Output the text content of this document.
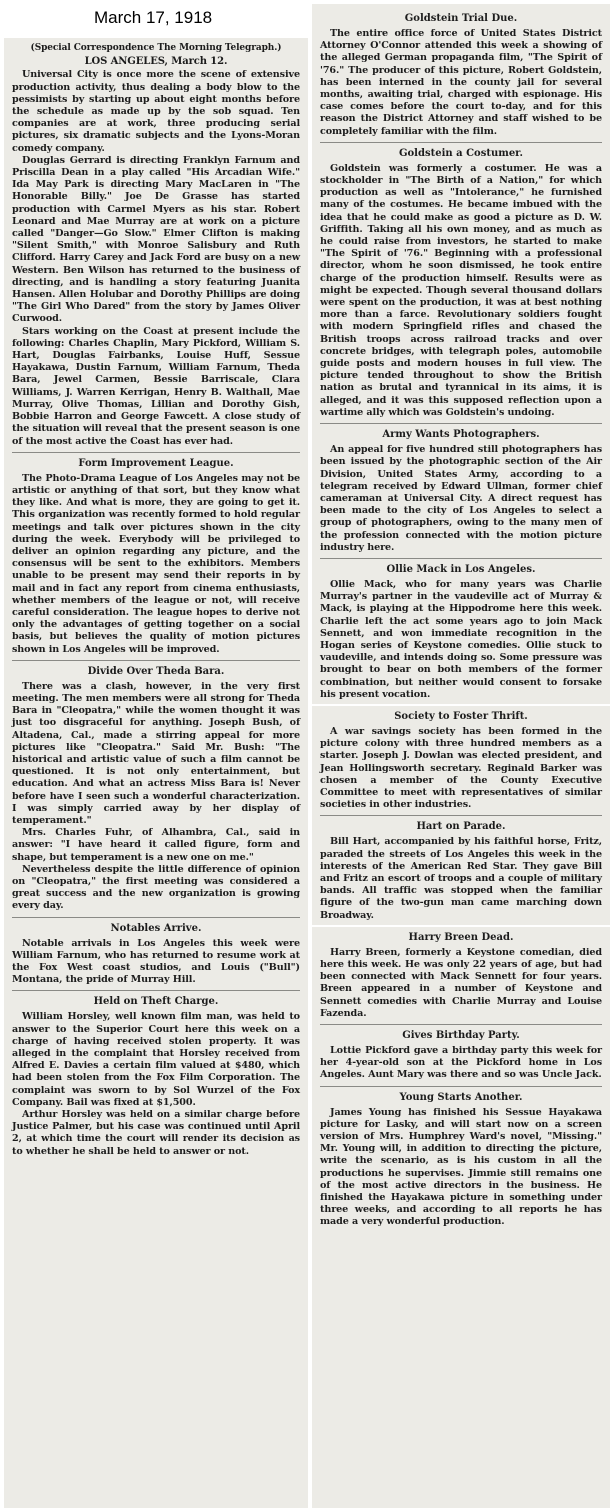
March 17, 1918

(Special Correspondence The Morning Telegraph.)

LOS ANGELES, March 12.

Universal City is once more the scene of extensive production activity, thus dealing a body blow to the pessimists by starting up about eight months before the schedule as made up by the sob squad. Ten companies are at work, three producing serial pictures, six dramatic subjects and the Lyons-Moran comedy company.

Douglas Gerrard is directing Franklyn Farnum and Priscilla Dean in a play called "His Arcadian Wife." Ida May Park is directing Mary MacLaren in "The Honorable Billy." Joe De Grasse has started production with Carmel Myers as his star. Robert Leonard and Mae Murray are at work on a picture called "Danger—Go Slow." Elmer Clifton is making "Silent Smith," with Monroe Salisbury and Ruth Clifford. Harry Carey and Jack Ford are busy on a new Western. Ben Wilson has returned to the business of directing, and is handling a story featuring Juanita Hansen. Allen Holubar and Dorothy Phillips are doing "The Girl Who Dared" from the story by James Oliver Curwood.

Stars working on the Coast at present include the following: Charles Chaplin, Mary Pickford, William S. Hart, Douglas Fairbanks, Louise Huff, Sessue Hayakawa, Dustin Farnum, William Farnum, Theda Bara, Jewel Carmen, Bessie Barriscale, Clara Williams, J. Warren Kerrigan, Henry B. Walthall, Mae Murray, Olive Thomas, Lillian and Dorothy Gish, Bobbie Harron and George Fawcett. A close study of the situation will reveal that the present season is one of the most active the Coast has ever had.

Form Improvement League.

The Photo-Drama League of Los Angeles may not be artistic or anything of that sort, but they know what they like. And what is more, they are going to get it. This organization was recently formed to hold regular meetings and talk over pictures shown in the city during the week. Everybody will be privileged to deliver an opinion regarding any picture, and the consensus will be sent to the exhibitors. Members unable to be present may send their reports in by mail and in fact any report from cinema enthusiasts, whether members of the league or not, will receive careful consideration. The league hopes to derive not only the advantages of getting together on a social basis, but believes the quality of motion pictures shown in Los Angeles will be improved.

Divide Over Theda Bara.

There was a clash, however, in the very first meeting. The men members were all strong for Theda Bara in "Cleopatra," while the women thought it was just too disgraceful for anything. Joseph Bush, of Altadena, Cal., made a stirring appeal for more pictures like "Cleopatra." Said Mr. Bush: "The historical and artistic value of such a film cannot be questioned. It is not only entertainment, but education. And what an actress Miss Bara is! Never before have I seen such a wonderful characterization. I was simply carried away by her display of temperament."

Mrs. Charles Fuhr, of Alhambra, Cal., said in answer: "I have heard it called figure, form and shape, but temperament is a new one on me."

Nevertheless despite the little difference of opinion on "Cleopatra," the first meeting was considered a great success and the new organization is growing every day.

Notables Arrive.

Notable arrivals in Los Angeles this week were William Farnum, who has returned to resume work at the Fox West coast studios, and Louis ("Bull") Montana, the pride of Murray Hill.

Held on Theft Charge.

William Horsley, well known film man, was held to answer to the Superior Court here this week on a charge of having received stolen property. It was alleged in the complaint that Horsley received from Alfred E. Davies a certain film valued at $480, which had been stolen from the Fox Film Corporation. The complaint was sworn to by Sol Wurzel of the Fox Company. Bail was fixed at $1,500.

Arthur Horsley was held on a similar charge before Justice Palmer, but his case was continued until April 2, at which time the court will render its decision as to whether he shall be held to answer or not.

Goldstein Trial Due.

The entire office force of United States District Attorney O'Connor attended this week a showing of the alleged German propaganda film, "The Spirit of '76." The producer of this picture, Robert Goldstein, has been interned in the county jail for several months, awaiting trial, charged with espionage. His case comes before the court to-day, and for this reason the District Attorney and staff wished to be completely familiar with the film.

Goldstein a Costumer.

Goldstein was formerly a costumer. He was a stockholder in "The Birth of a Nation," for which production as well as "Intolerance," he furnished many of the costumes. He became imbued with the idea that he could make as good a picture as D. W. Griffith. Taking all his own money, and as much as he could raise from investors, he started to make "The Spirit of '76." Beginning with a professional director, whom he soon dismissed, he took entire charge of the production himself. Results were as might be expected. Though several thousand dollars were spent on the production, it was at best nothing more than a farce. Revolutionary soldiers fought with modern Springfield rifles and chased the British troops across railroad tracks and over concrete bridges, with telegraph poles, automobile guide posts and modern houses in full view. The picture tended throughout to show the British nation as brutal and tyrannical in its aims, it is alleged, and it was this supposed reflection upon a wartime ally which was Goldstein's undoing.

Army Wants Photographers.

An appeal for five hundred still photographers has been issued by the photographic section of the Air Division, United States Army, according to a telegram received by Edward Ullman, former chief cameraman at Universal City. A direct request has been made to the city of Los Angeles to select a group of photographers, owing to the many men of the profession connected with the motion picture industry here.

Ollie Mack in Los Angeles.

Ollie Mack, who for many years was Charlie Murray's partner in the vaudeville act of Murray & Mack, is playing at the Hippodrome here this week. Charlie left the act some years ago to join Mack Sennett, and won immediate recognition in the Hogan series of Keystone comedies. Ollie stuck to vaudeville, and intends doing so. Some pressure was brought to bear on both members of the former combination, but neither would consent to forsake his present vocation.

Society to Foster Thrift.

A war savings society has been formed in the picture colony with three hundred members as a starter. Joseph J. Dowlan was elected president, and Jean Hollingsworth secretary. Reginald Barker was chosen a member of the County Executive Committee to meet with representatives of similar societies in other industries.

Hart on Parade.

Bill Hart, accompanied by his faithful horse, Fritz, paraded the streets of Los Angeles this week in the interests of the American Red Star. They gave Bill and Fritz an escort of troops and a couple of military bands. All traffic was stopped when the familiar figure of the two-gun man came marching down Broadway.

Harry Breen Dead.

Harry Breen, formerly a Keystone comedian, died here this week. He was only 22 years of age, but had been connected with Mack Sennett for four years. Breen appeared in a number of Keystone and Sennett comedies with Charlie Murray and Louise Fazenda.

Gives Birthday Party.

Lottie Pickford gave a birthday party this week for her 4-year-old son at the Pickford home in Los Angeles. Aunt Mary was there and so was Uncle Jack.

Young Starts Another.

James Young has finished his Sessue Hayakawa picture for Lasky, and will start now on a screen version of Mrs. Humphrey Ward's novel, "Missing." Mr. Young will, in addition to directing the picture, write the scenario, as is his custom in all the productions he supervises. Jimmie still remains one of the most active directors in the business. He finished the Hayakawa picture in something under three weeks, and according to all reports he has made a very wonderful production.
